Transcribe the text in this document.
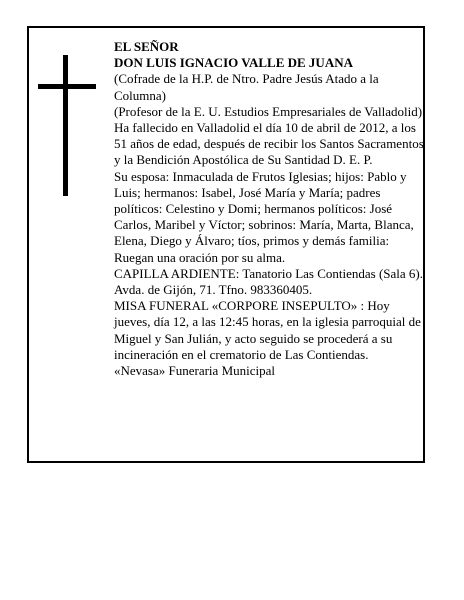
EL SEÑOR

DON LUIS IGNACIO VALLE DE JUANA

(Cofrade de la H.P. de Ntro. Padre Jesús Atado a la Columna)

(Profesor de la E. U. Estudios Empresariales de Valladolid)

Ha fallecido en Valladolid el día 10 de abril de 2012, a los 51 años de edad, después de recibir los Santos Sacramentos y la Bendición Apostólica de Su Santidad D. E. P.

Su esposa: Inmaculada de Frutos Iglesias; hijos: Pablo y Luis; hermanos: Isabel, José María y María; padres políticos: Celestino y Domi; hermanos políticos: José Carlos, Maribel y Víctor; sobrinos: María, Marta, Blanca, Elena, Diego y Álvaro; tíos, primos y demás familia:

Ruegan una oración por su alma.

CAPILLA ARDIENTE: Tanatorio Las Contiendas (Sala 6). Avda. de Gijón, 71. Tfno. 983360405.

MISA FUNERAL «CORPORE INSEPULTO» : Hoy jueves, día 12, a las 12:45 horas, en la iglesia parroquial de Miguel y San Julián, y acto seguido se procederá a su incineración en el crematorio de Las Contiendas.

«Nevasa» Funeraria Municipal
